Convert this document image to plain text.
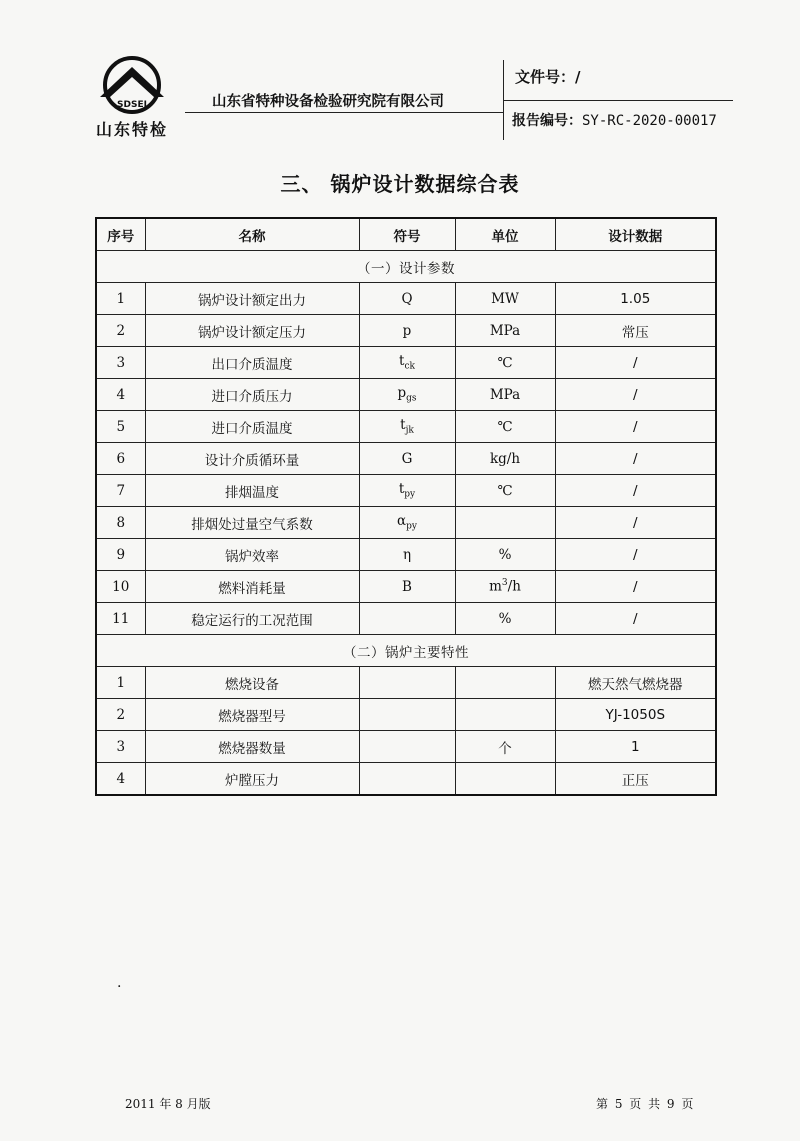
SDSEI
山东特检
山东省特种设备检验研究院有限公司
文件号：/
报告编号：SY-RC-2020-00017
三、 锅炉设计数据综合表
序号	名称	符号	单位	设计数据
（一）设计参数				
1	锅炉设计额定出力	Q	MW	1.05
2	锅炉设计额定压力	p	MPa	常压
3	出口介质温度	$t_{ck}$	℃	/
4	进口介质压力	$p_{gs}$	MPa	/
5	进口介质温度	$t_{jk}$	℃	/
6	设计介质循环量	G	kg/h	/
7	排烟温度	$t_{py}$	℃	/
8	排烟处过量空气系数	$\alpha_{py}$		/
9	锅炉效率	η	%	/
10	燃料消耗量	B	$m^3/h$	/
11	稳定运行的工况范围		%	/
（二）锅炉主要特性				
1	燃烧设备			燃天然气燃烧器
2	燃烧器型号			YJ-1050S
3	燃烧器数量		个	1
4	炉膛压力			正压
.
2011 年 8 月版	第 5 页 共 9 页
